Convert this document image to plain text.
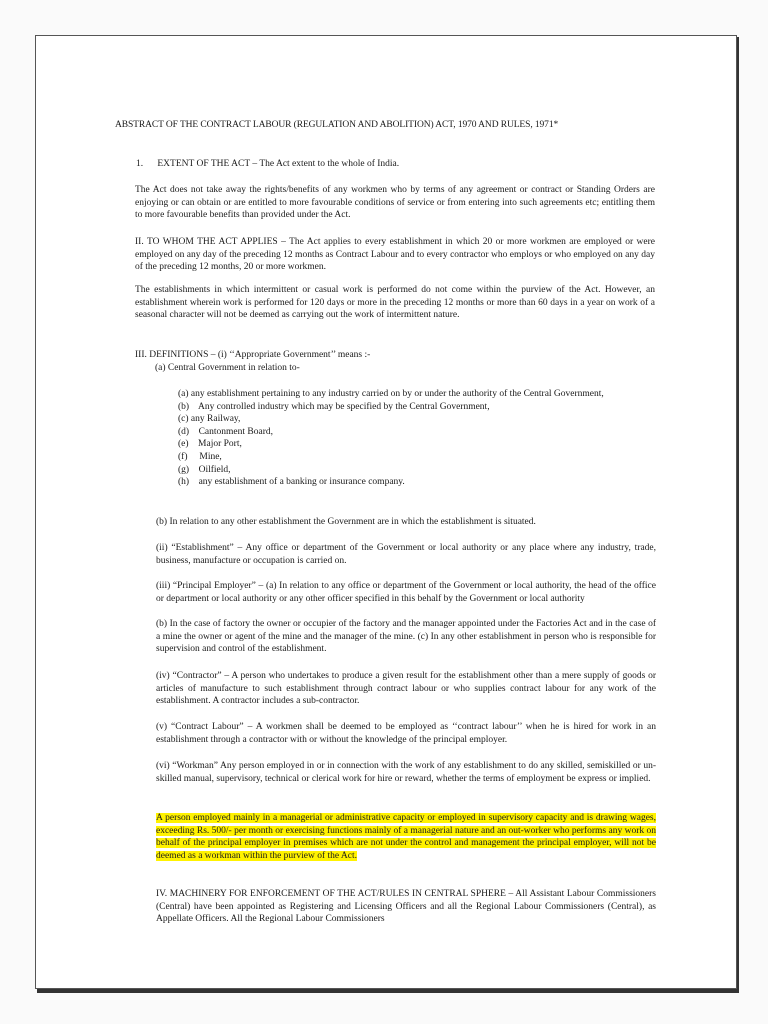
ABSTRACT OF THE CONTRACT LABOUR (REGULATION AND ABOLITION) ACT, 1970 AND RULES, 1971*

1.      EXTENT OF THE ACT – The Act extent to the whole of India.

The Act does not take away the rights/benefits of any workmen who by terms of any agreement or contract or Standing Orders are enjoying or can obtain or are entitled to more favourable conditions of service or from entering into such agreements etc; entitling them to more favourable benefits than provided under the Act.

II. TO WHOM THE ACT APPLIES – The Act applies to every establishment in which 20 or more workmen are employed or were employed on any day of the preceding 12 months as Contract Labour and to every contractor who employs or who employed on any day of the preceding 12 months, 20 or more workmen.

The establishments in which intermittent or casual work is performed do not come within the purview of the Act. However, an establishment wherein work is performed for 120 days or more in the preceding 12 months or more than 60 days in a year on work of a seasonal character will not be deemed as carrying out the work of intermittent nature.

III. DEFINITIONS – (i) ‘‘Appropriate Government’’ means :-

(a) Central Government in relation to-

(a) any establishment pertaining to any industry carried on by or under the authority of the Central Government,
(b)    Any controlled industry which may be specified by the Central Government,
(c) any Railway,
(d)    Cantonment Board,
(e)    Major Port,
(f)     Mine,
(g)    Oilfield,
(h)    any establishment of a banking or insurance company.

(b) In relation to any other establishment the Government are in which the establishment is situated.

(ii) “Establishment” – Any office or department of the Government or local authority or any place where any industry, trade, business, manufacture or occupation is carried on.

(iii) “Principal Employer” – (a) In relation to any office or department of the Government or local authority, the head of the office or department or local authority or any other officer specified in this behalf by the Government or local authority

(b) In the case of factory the owner or occupier of the factory and the manager appointed under the Factories Act and in the case of a mine the owner or agent of the mine and the manager of the mine. (c) In any other establishment in person who is responsible for supervision and control of the establishment.

(iv) “Contractor” – A person who undertakes to produce a given result for the establishment other than a mere supply of goods or articles of manufacture to such establishment through contract labour or who supplies contract labour for any work of the establishment. A contractor includes a sub-contractor.

(v) “Contract Labour” – A workmen shall be deemed to be employed as ‘‘contract labour’’ when he is hired for work in an establishment through a contractor with or without the knowledge of the principal employer.

(vi) “Workman” Any person employed in or in connection with the work of any establishment to do any skilled, semiskilled or un-skilled manual, supervisory, technical or clerical work for hire or reward, whether the terms of employment be express or implied.

A person employed mainly in a managerial or administrative capacity or employed in supervisory capacity and is drawing wages, exceeding Rs. 500/- per month or exercising functions mainly of a managerial nature and an out-worker who performs any work on behalf of the principal employer in premises which are not under the control and management the principal employer, will not be deemed as a workman within the purview of the Act.

IV. MACHINERY FOR ENFORCEMENT OF THE ACT/RULES IN CENTRAL SPHERE – All Assistant Labour Commissioners (Central) have been appointed as Registering and Licensing Officers and all the Regional Labour Commissioners (Central), as Appellate Officers. All the Regional Labour Commissioners
